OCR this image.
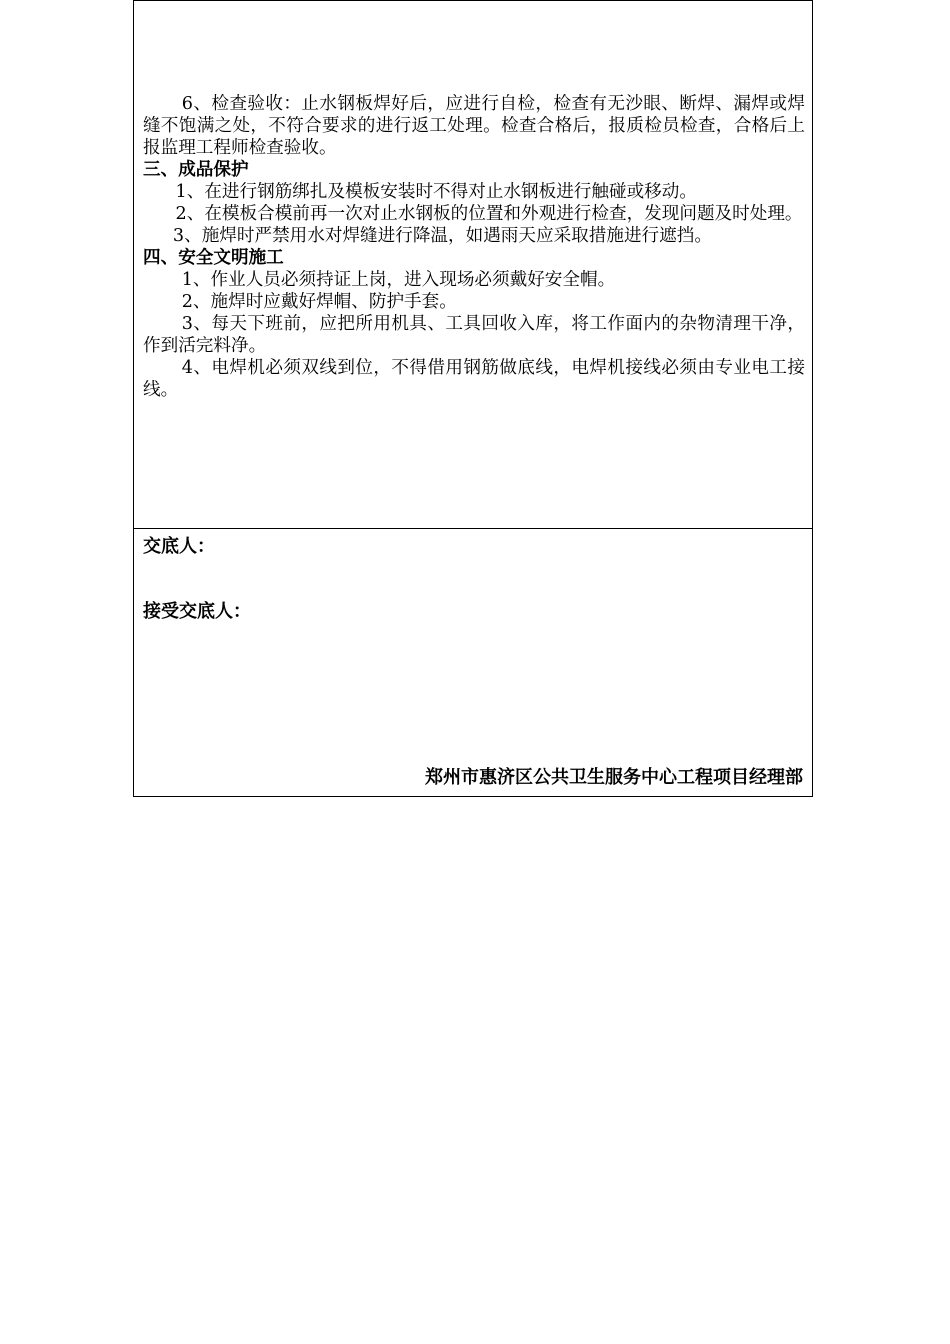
6、检查验收：止水钢板焊好后，应进行自检，检查有无沙眼、断焊、漏焊或焊缝不饱满之处，不符合要求的进行返工处理。检查合格后，报质检员检查，合格后上报监理工程师检查验收。

三、成品保护

1、在进行钢筋绑扎及模板安装时不得对止水钢板进行触碰或移动。

2、在模板合模前再一次对止水钢板的位置和外观进行检查，发现问题及时处理。

3、施焊时严禁用水对焊缝进行降温，如遇雨天应采取措施进行遮挡。

四、安全文明施工

1、作业人员必须持证上岗，进入现场必须戴好安全帽。

2、施焊时应戴好焊帽、防护手套。

3、每天下班前，应把所用机具、工具回收入库，将工作面内的杂物清理干净，作到活完料净。

4、电焊机必须双线到位，不得借用钢筋做底线，电焊机接线必须由专业电工接线。

交底人：
接受交底人：
郑州市惠济区公共卫生服务中心工程项目经理部
